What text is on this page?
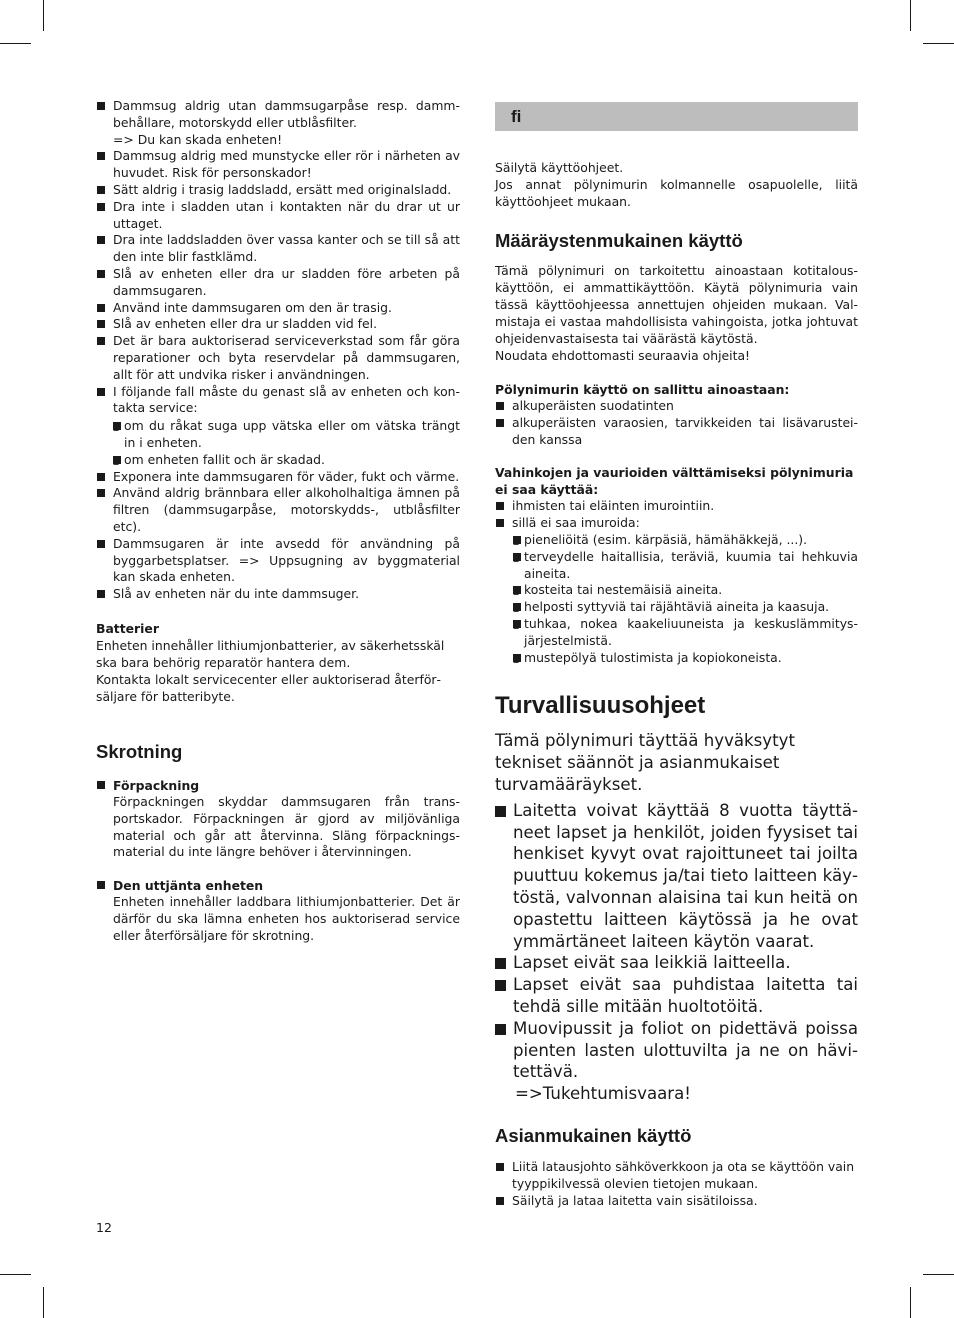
Dammsug aldrig utan dammsugarpåse resp. dammbehållare, motorskydd eller utblåsfilter.
=> Du kan skada enheten!
Dammsug aldrig med munstycke eller rör i närheten av huvudet. Risk för personskador!
Sätt aldrig i trasig laddsladd, ersätt med originalsladd.
Dra inte i sladden utan i kontakten när du drar ut ur uttaget.
Dra inte laddsladden över vassa kanter och se till så att den inte blir fastklämd.
Slå av enheten eller dra ur sladden före arbeten på dammsugaren.
Använd inte dammsugaren om den är trasig.
Slå av enheten eller dra ur sladden vid fel.
Det är bara auktoriserad serviceverkstad som får göra reparationer och byta reservdelar på dammsugaren, allt för att undvika risker i användningen.
I följande fall måste du genast slå av enheten och kontakta service:
– om du råkat suga upp vätska eller om vätska trängt in i enheten.
– om enheten fallit och är skadad.
Exponera inte dammsugaren för väder, fukt och värme.
Använd aldrig brännbara eller alkoholhaltiga ämnen på filtren (dammsugarpåse, motorskydds-, utblåsfilter etc).
Dammsugaren är inte avsedd för användning på byggarbetsplatser. => Uppsugning av byggmaterial kan skada enheten.
Slå av enheten när du inte dammsuger.

Batterier

Enheten innehåller lithiumjonbatterier, av säkerhetsskäl ska bara behörig reparatör hantera dem.

Kontakta lokalt servicecenter eller auktoriserad återförsäljare för batteribyte.

Skrotning
Förpackning
Förpackningen skyddar dammsugaren från transportskador. Förpackningen är gjord av miljövänliga material och går att återvinna. Släng förpackningsmaterial du inte längre behöver i återvinningen.
Den uttjänta enheten
Enheten innehåller laddbara lithiumjonbatterier. Det är därför du ska lämna enheten hos auktoriserad service eller återförsäljare för skrotning.
fi

Säilytä käyttöohjeet.

Jos annat pölynimurin kolmannelle osapuolelle, liitä käyttöohjeet mukaan.

Määräystenmukainen käyttö

Tämä pölynimuri on tarkoitettu ainoastaan kotitalouskäyttöön, ei ammattikäyttöön. Käytä pölynimuria vain tässä käyttöohjeessa annettujen ohjeiden mukaan. Valmistaja ei vastaa mahdollisista vahingoista, jotka johtuvat ohjeidenvastaisesta tai väärästä käytöstä.

Noudata ehdottomasti seuraavia ohjeita!

Pölynimurin käyttö on sallittu ainoastaan:

alkuperäisten suodatinten
alkuperäisten varaosien, tarvikkeiden tai lisävarusteiden kanssa

Vahinkojen ja vaurioiden välttämiseksi pölynimuria ei saa käyttää:

ihmisten tai eläinten imurointiin.
sillä ei saa imuroida:
– pieneliöitä (esim. kärpäsiä, hämähäkkejä, ...).
– terveydelle haitallisia, teräviä, kuumia tai hehkuvia aineita.
– kosteita tai nestemäisiä aineita.
– helposti syttyviä tai räjähtäviä aineita ja kaasuja.
– tuhkaa, nokea kaakeliuuneista ja keskuslämmitysjärjestelmistä.
– mustepölyä tulostimista ja kopiokoneista.
Turvallisuusohjeet

Tämä pölynimuri täyttää hyväksytyt tekniset säännöt ja asianmukaiset turvamääräykset.

Laitetta voivat käyttää 8 vuotta täyttäneet lapset ja henkilöt, joiden fyysiset tai henkiset kyvyt ovat rajoittuneet tai joilta puuttuu kokemus ja/tai tieto laitteen käytöstä, valvonnan alaisina tai kun heitä on opastettu laitteen käytössä ja he ovat ymmärtäneet laiteen käytön vaarat.
Lapset eivät saa leikkiä laitteella.
Lapset eivät saa puhdistaa laitetta tai tehdä sille mitään huoltotöitä.
Muovipussit ja foliot on pidettävä poissa pienten lasten ulottuvilta ja ne on hävitettävä.
=>Tukehtumisvaara!
Asianmukainen käyttö
Liitä latausjohto sähköverkkoon ja ota se käyttöön vain tyyppikilvessä olevien tietojen mukaan.
Säilytä ja lataa laitetta vain sisätiloissa.
12
